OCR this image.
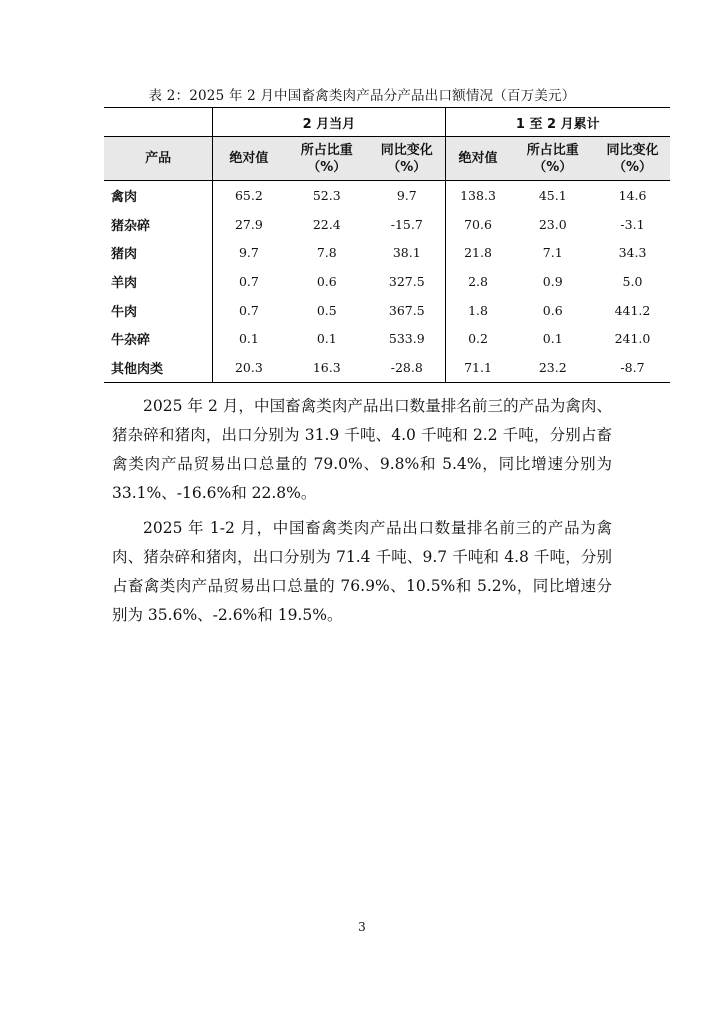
表 2：2025 年 2 月中国畜禽类肉产品分产品出口额情况（百万美元）
	2 月当月			1 至 2 月累计		
产品	绝对值	所占比重（%）	同比变化（%）	绝对值	所占比重（%）	同比变化（%）
禽肉	65.2	52.3	9.7	138.3	45.1	14.6
猪杂碎	27.9	22.4	-15.7	70.6	23.0	-3.1
猪肉	9.7	7.8	38.1	21.8	7.1	34.3
羊肉	0.7	0.6	327.5	2.8	0.9	5.0
牛肉	0.7	0.5	367.5	1.8	0.6	441.2
牛杂碎	0.1	0.1	533.9	0.2	0.1	241.0
其他肉类	20.3	16.3	-28.8	71.1	23.2	-8.7

2025 年 2 月，中国畜禽类肉产品出口数量排名前三的产品为禽肉、猪杂碎和猪肉，出口分别为 31.9 千吨、4.0 千吨和 2.2 千吨，分别占畜禽类肉产品贸易出口总量的 79.0%、9.8%和 5.4%，同比增速分别为 33.1%、-16.6%和 22.8%。

2025 年 1-2 月，中国畜禽类肉产品出口数量排名前三的产品为禽肉、猪杂碎和猪肉，出口分别为 71.4 千吨、9.7 千吨和 4.8 千吨，分别占畜禽类肉产品贸易出口总量的 76.9%、10.5%和 5.2%，同比增速分别为 35.6%、-2.6%和 19.5%。

3
